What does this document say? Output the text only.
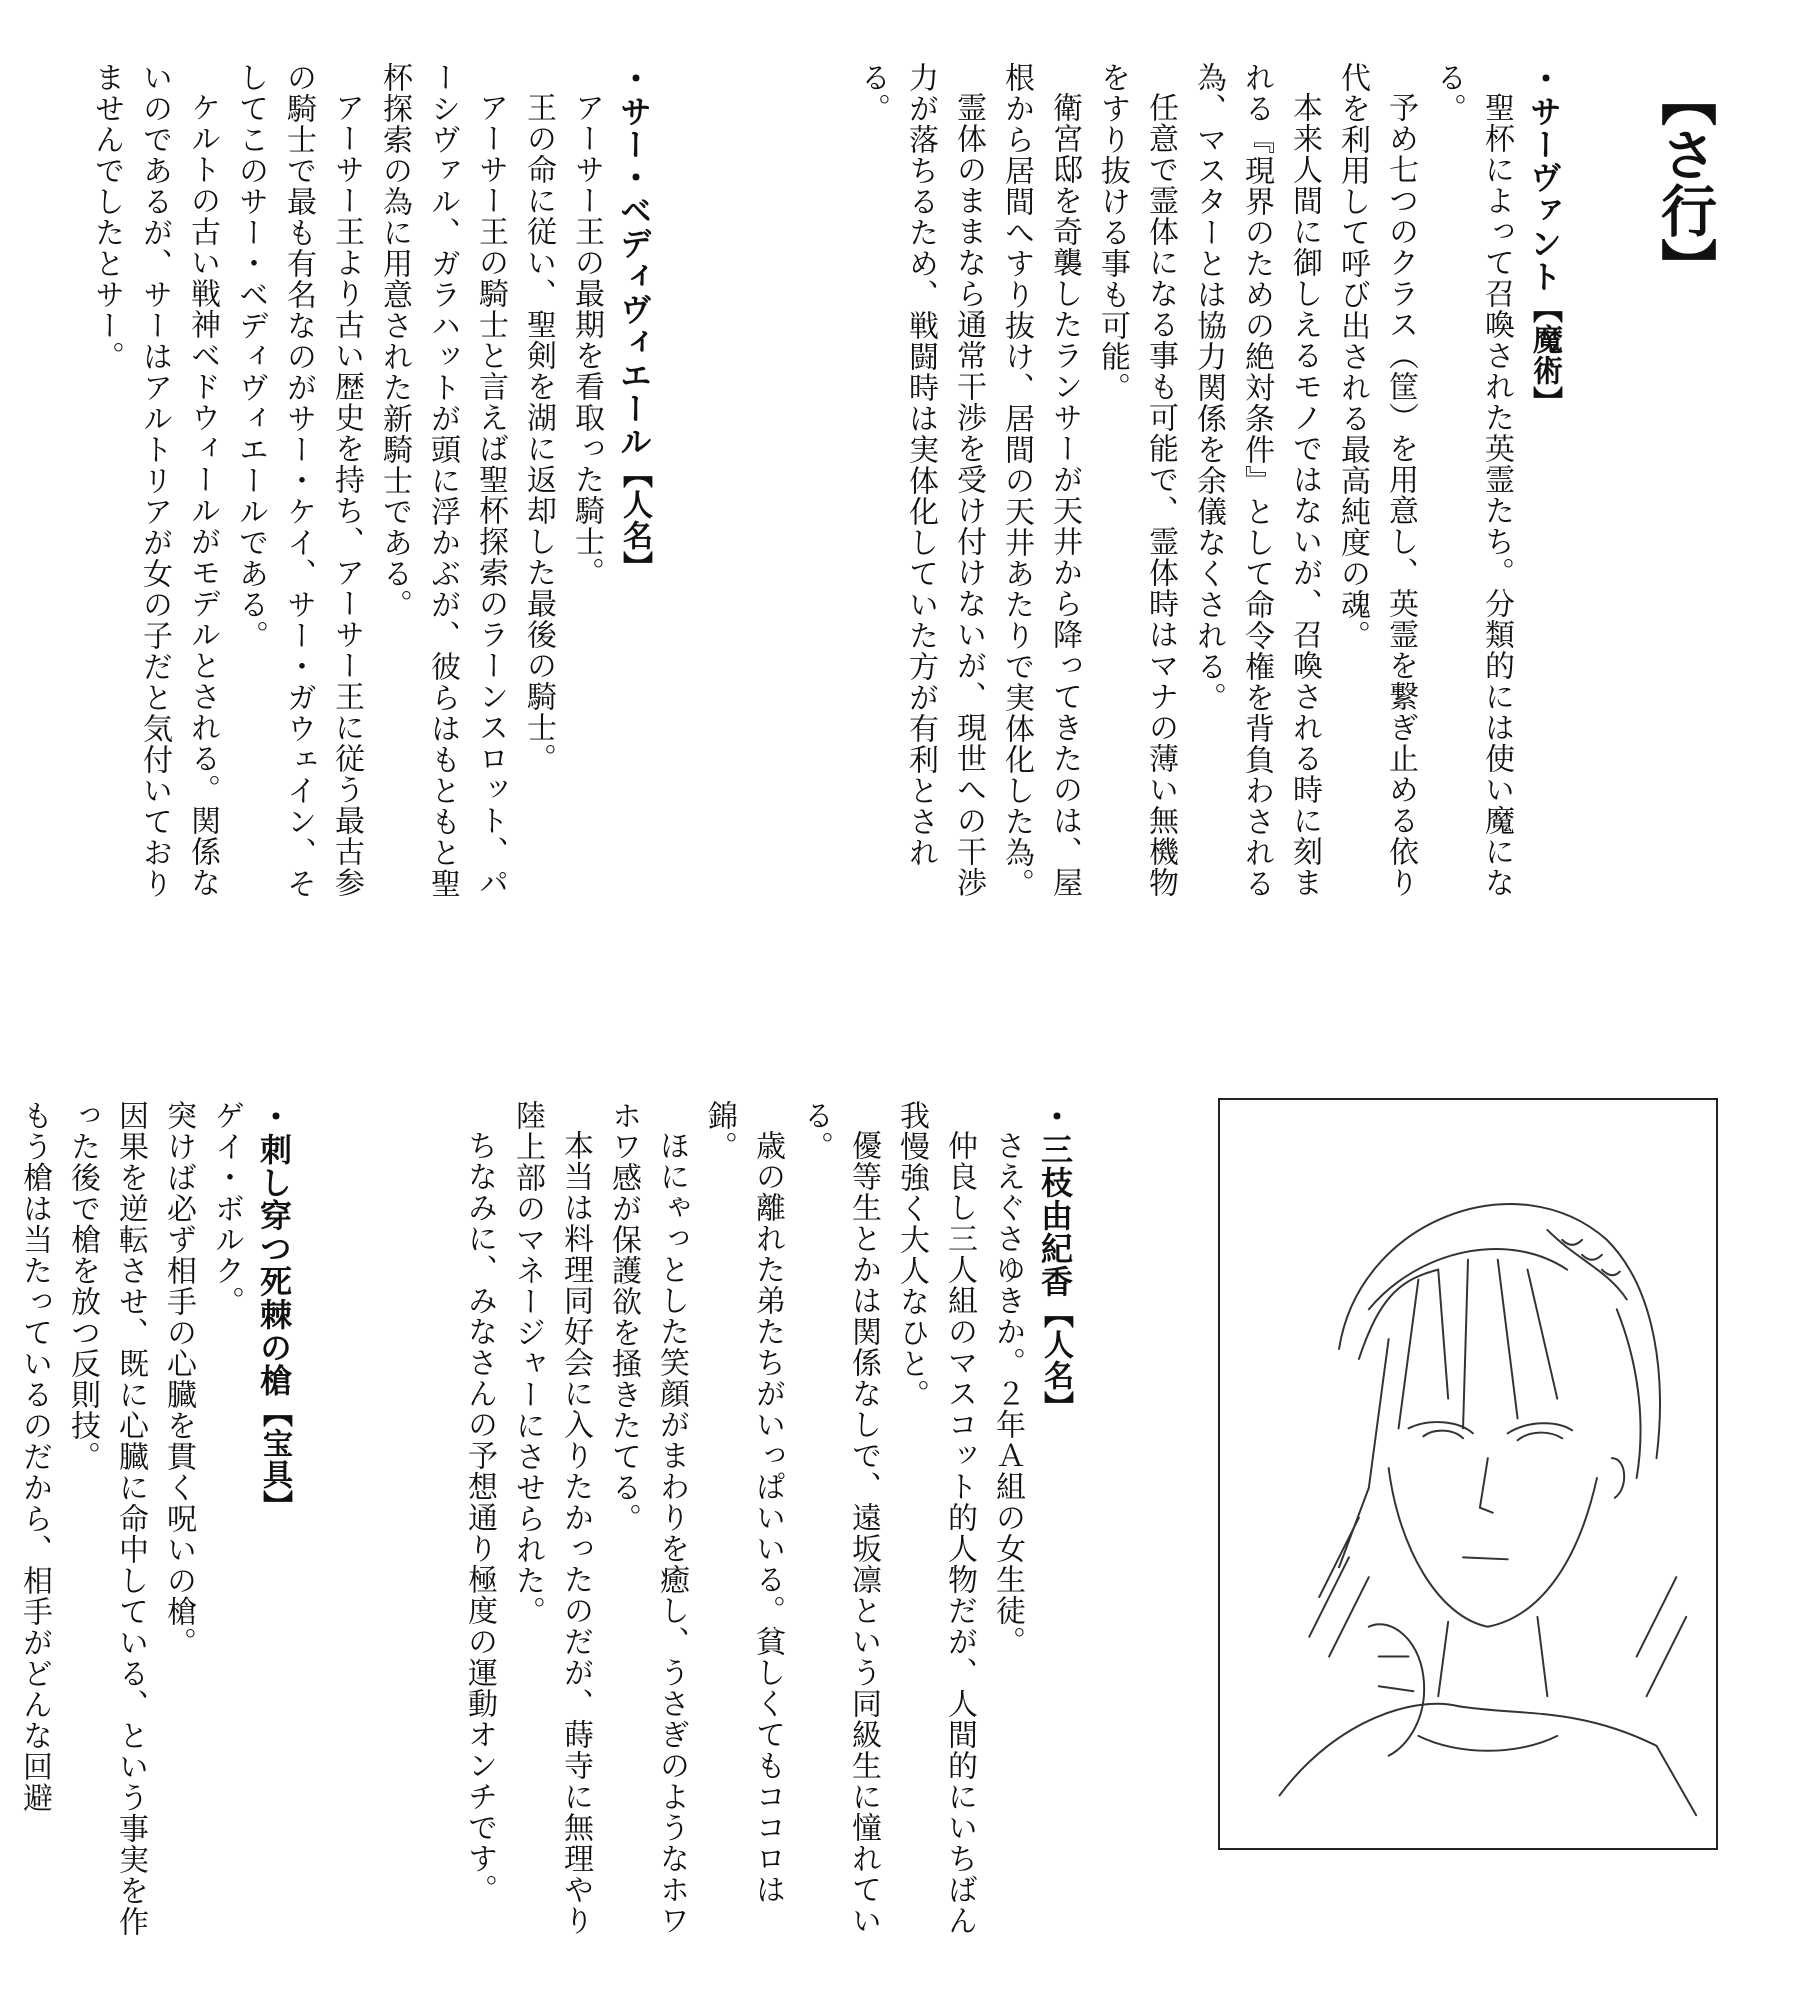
【さ行】

・サーヴァント【魔術】

聖杯によって召喚された英霊たち。分類的には使い魔になる。

予め七つのクラス（筐）を用意し、英霊を繋ぎ止める依り代を利用して呼び出される最高純度の魂。

本来人間に御しえるモノではないが、召喚される時に刻まれる『現界のための絶対条件』として命令権を背負わされる為、マスターとは協力関係を余儀なくされる。

任意で霊体になる事も可能で、霊体時はマナの薄い無機物をすり抜ける事も可能。

衛宮邸を奇襲したランサーが天井から降ってきたのは、屋根から居間へすり抜け、居間の天井あたりで実体化した為。

霊体のままなら通常干渉を受け付けないが、現世への干渉力が落ちるため、戦闘時は実体化していた方が有利とされる。

・サー・ベディヴィエール【人名】

アーサー王の最期を看取った騎士。

王の命に従い、聖剣を湖に返却した最後の騎士。

アーサー王の騎士と言えば聖杯探索のラーンスロット、パーシヴァル、ガラハットが頭に浮かぶが、彼らはもともと聖杯探索の為に用意された新騎士である。

アーサー王より古い歴史を持ち、アーサー王に従う最古参の騎士で最も有名なのがサー・ケイ、サー・ガウェイン、そしてこのサー・ベディヴィエールである。

ケルトの古い戦神ベドウィールがモデルとされる。関係ないのであるが、サーはアルトリアが女の子だと気付いておりませんでしたとサー。

・三枝由紀香【人名】

さえぐさゆきか。２年Ａ組の女生徒。

仲良し三人組のマスコット的人物だが、人間的にいちばん我慢強く大人なひと。

優等生とかは関係なしで、遠坂凛という同級生に憧れている。

歳の離れた弟たちがいっぱいいる。貧しくてもココロは錦。

ほにゃっとした笑顔がまわりを癒し、うさぎのようなホワホワ感が保護欲を掻きたてる。

本当は料理同好会に入りたかったのだが、蒔寺に無理やり陸上部のマネージャーにさせられた。

ちなみに、みなさんの予想通り極度の運動オンチです。

・刺し穿つ死棘の槍【宝具】

ゲイ・ボルク。

突けば必ず相手の心臓を貫く呪いの槍。

因果を逆転させ、既に心臓に命中している、という事実を作った後で槍を放つ反則技。

もう槍は当たっているのだから、相手がどんな回避
